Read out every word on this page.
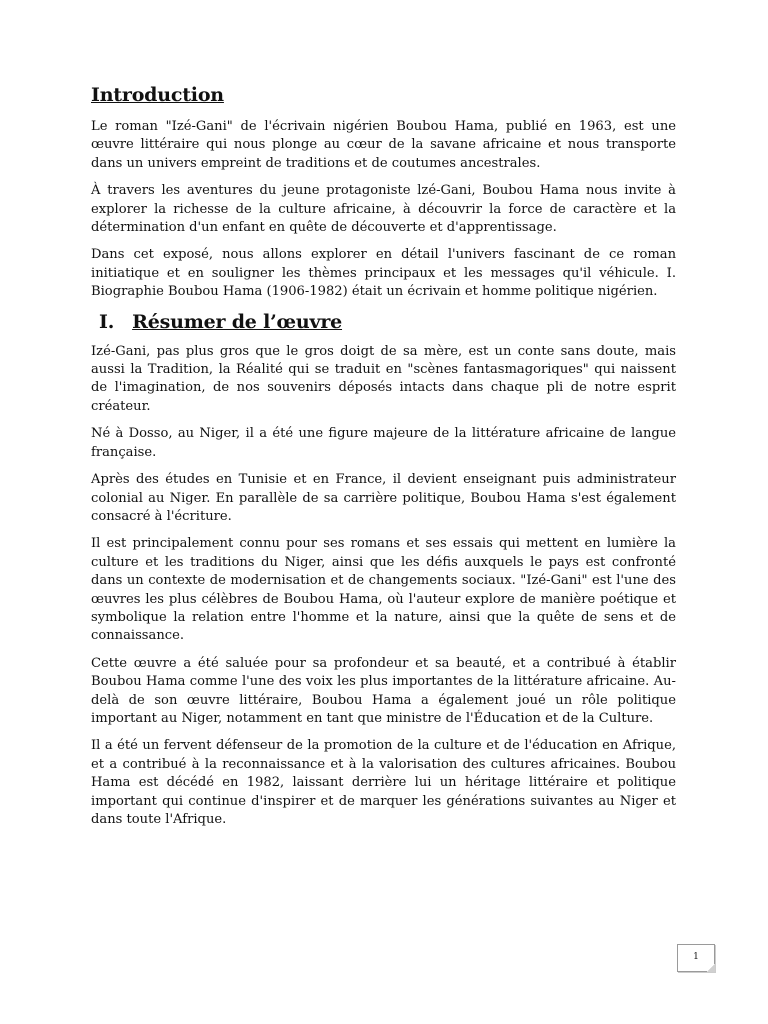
Introduction

Le roman "Izé-Gani" de l'écrivain nigérien Boubou Hama, publié en 1963, est une œuvre littéraire qui nous plonge au cœur de la savane africaine et nous transporte dans un univers empreint de traditions et de coutumes ancestrales.

À travers les aventures du jeune protagoniste lzé-Gani, Boubou Hama nous invite à explorer la richesse de la culture africaine, à découvrir la force de caractère et la détermination d'un enfant en quête de découverte et d'apprentissage.

Dans cet exposé, nous allons explorer en détail l'univers fascinant de ce roman initiatique et en souligner les thèmes principaux et les messages qu'il véhicule. I. Biographie Boubou Hama (1906-1982) était un écrivain et homme politique nigérien.

I. Résumer de l’œuvre

Izé-Gani, pas plus gros que le gros doigt de sa mère, est un conte sans doute, mais aussi la Tradition, la Réalité qui se traduit en "scènes fantasmagoriques" qui naissent de l'imagination, de nos souvenirs déposés intacts dans chaque pli de notre esprit créateur.

Né à Dosso, au Niger, il a été une figure majeure de la littérature africaine de langue française.

Après des études en Tunisie et en France, il devient enseignant puis administrateur colonial au Niger. En parallèle de sa carrière politique, Boubou Hama s'est également consacré à l'écriture.

Il est principalement connu pour ses romans et ses essais qui mettent en lumière la culture et les traditions du Niger, ainsi que les défis auxquels le pays est confronté dans un contexte de modernisation et de changements sociaux. "Izé-Gani" est l'une des œuvres les plus célèbres de Boubou Hama, où l'auteur explore de manière poétique et symbolique la relation entre l'homme et la nature, ainsi que la quête de sens et de connaissance.

Cette œuvre a été saluée pour sa profondeur et sa beauté, et a contribué à établir Boubou Hama comme l'une des voix les plus importantes de la littérature africaine. Au-delà de son œuvre littéraire, Boubou Hama a également joué un rôle politique important au Niger, notamment en tant que ministre de l'Éducation et de la Culture.

Il a été un fervent défenseur de la promotion de la culture et de l'éducation en Afrique, et a contribué à la reconnaissance et à la valorisation des cultures africaines. Boubou Hama est décédé en 1982, laissant derrière lui un héritage littéraire et politique important qui continue d'inspirer et de marquer les générations suivantes au Niger et dans toute l'Afrique.

1
